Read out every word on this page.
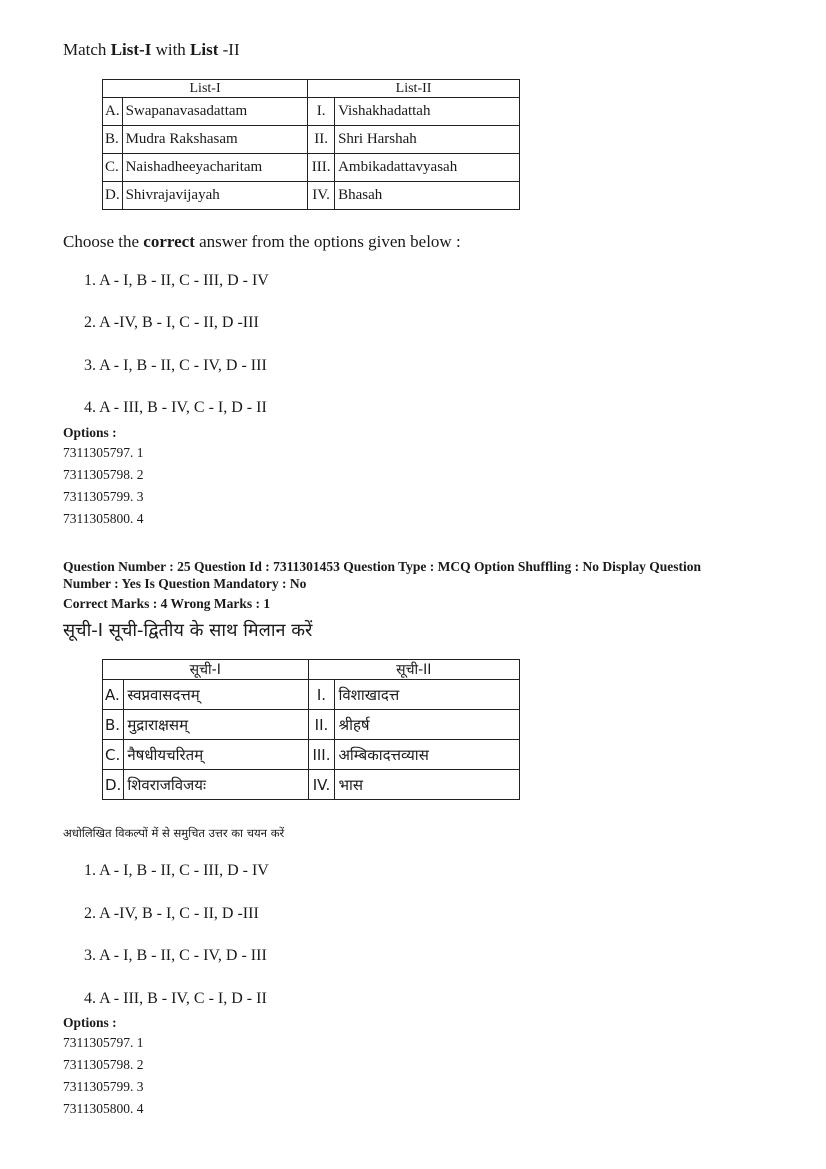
Match List-I with List -II
List-I		List-II	
A.	Swapanavasadattam	I.	Vishakhadattah
B.	Mudra Rakshasam	II.	Shri Harshah
C.	Naishadheeyacharitam	III.	Ambikadattavyasah
D.	Shivrajavijayah	IV.	Bhasah
Choose the correct answer from the options given below :
1. A - I, B - II, C - III, D - IV
2. A -IV, B - I, C - II, D -III
3. A - I, B - II, C - IV, D - III
4. A - III, B - IV, C - I, D - II
Options :
7311305797. 1
7311305798. 2
7311305799. 3
7311305800. 4
Question Number : 25 Question Id : 7311301453 Question Type : MCQ Option Shuffling : No Display Question
Number : Yes Is Question Mandatory : No
Correct Marks : 4 Wrong Marks : 1
सूची-I सूची-द्वितीय के साथ मिलान करें
सूची-I		सूची-II	
A.	स्वप्नवासदत्तम्	I.	विशाखादत्त
B.	मुद्राराक्षसम्	II.	श्रीहर्ष
C.	नैषधीयचरितम्	III.	अम्बिकादत्तव्यास
D.	शिवराजविजयः	IV.	भास
अधोलिखित विकल्पों में से समुचित उत्तर का चयन करें
1. A - I, B - II, C - III, D - IV
2. A -IV, B - I, C - II, D -III
3. A - I, B - II, C - IV, D - III
4. A - III, B - IV, C - I, D - II
Options :
7311305797. 1
7311305798. 2
7311305799. 3
7311305800. 4
